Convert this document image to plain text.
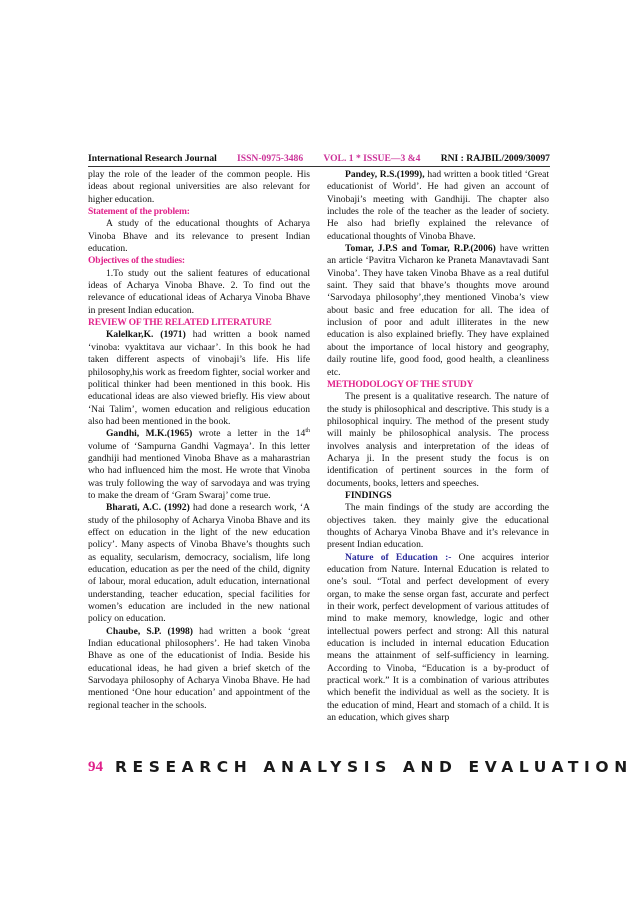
International Research Journal ISSN-0975-3486 VOL. 1 * ISSUE—3 &4 RNI : RAJBIL/2009/30097

play the role of the leader of the common people. His ideas about regional universities are also relevant for higher education.

Statement of the problem:

A study of the educational thoughts of Acharya Vinoba Bhave and its relevance to present Indian education.

Objectives of the studies:

1.To study out the salient features of educational ideas of Acharya Vinoba Bhave. 2. To find out the relevance of educational ideas of Acharya Vinoba Bhave in present Indian education.

REVIEW OF THE RELATED LITERATURE

Kalelkar,K. (1971) had written a book named ‘vinoba: vyaktitava aur vichaar’. In this book he had taken different aspects of vinobaji’s life. His life philosophy,his work as freedom fighter, social worker and political thinker had been mentioned in this book. His educational ideas are also viewed briefly. His view about ‘Nai Talim’, women education and religious education also had been mentioned in the book.

Gandhi, M.K.(1965) wrote a letter in the 14th volume of ‘Sampurna Gandhi Vagmaya’. In this letter gandhiji had mentioned Vinoba Bhave as a maharastrian who had influenced him the most. He wrote that Vinoba was truly following the way of sarvodaya and was trying to make the dream of ‘Gram Swaraj’ come true.

Bharati, A.C. (1992) had done a research work, ‘A study of the philosophy of Acharya Vinoba Bhave and its effect on education in the light of the new education policy’. Many aspects of Vinoba Bhave’s thoughts such as equality, secularism, democracy, socialism, life long education, education as per the need of the child, dignity of labour, moral education, adult education, international understanding, teacher education, special facilities for women’s education are included in the new national policy on education.

Chaube, S.P. (1998) had written a book ‘great Indian educational philosophers’. He had taken Vinoba Bhave as one of the educationist of India. Beside his educational ideas, he had given a brief sketch of the Sarvodaya philosophy of Acharya Vinoba Bhave. He had mentioned ‘One hour education’ and appointment of the regional teacher in the schools.

Pandey, R.S.(1999), had written a book titled ‘Great educationist of World’. He had given an account of Vinobaji’s meeting with Gandhiji. The chapter also includes the role of the teacher as the leader of society. He also had briefly explained the relevance of educational thoughts of Vinoba Bhave.

Tomar, J.P.S and Tomar, R.P.(2006) have written an article ‘Pavitra Vicharon ke Praneta Manavtavadi Sant Vinoba’. They have taken Vinoba Bhave as a real dutiful saint. They said that bhave’s thoughts move around ‘Sarvodaya philosophy’,they mentioned Vinoba’s view about basic and free education for all. The idea of inclusion of poor and adult illiterates in the new education is also explained briefly. They have explained about the importance of local history and geography, daily routine life, good food, good health, a cleanliness etc.

METHODOLOGY OF THE STUDY

The present is a qualitative research. The nature of the study is philosophical and descriptive. This study is a philosophical inquiry. The method of the present study will mainly be philosophical analysis. The process involves analysis and interpretation of the ideas of Acharya ji. In the present study the focus is on identification of pertinent sources in the form of documents, books, letters and speeches.

FINDINGS

The main findings of the study are according the objectives taken. they mainly give the educational thoughts of Acharya Vinoba Bhave and it’s relevance in present Indian education.

Nature of Education :- One acquires interior education from Nature. Internal Education is related to one’s soul. “Total and perfect development of every organ, to make the sense organ fast, accurate and perfect in their work, perfect development of various attitudes of mind to make memory, knowledge, logic and other intellectual powers perfect and strong: All this natural education is included in internal education Education means the attainment of self-sufficiency in learning. According to Vinoba, “Education is a by-product of practical work.” It is a combination of various attributes which benefit the individual as well as the society. It is the education of mind, Heart and stomach of a child. It is an education, which gives sharp

94 RESEARCH ANALYSIS AND EVALUATION
